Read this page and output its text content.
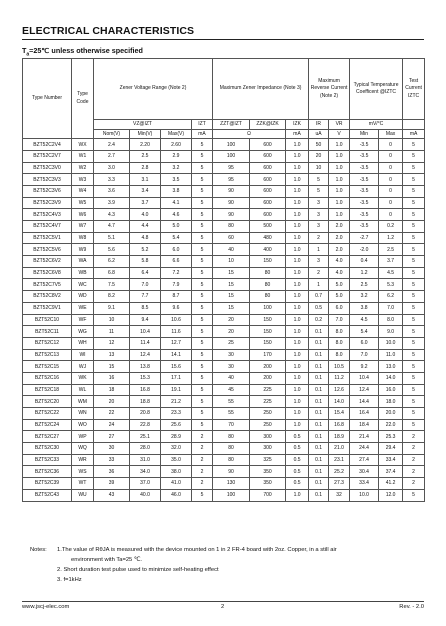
ELECTRICAL CHARACTERISTICS
$T_a=25℃$ unless otherwise specified
Type Number	Type Code	Zener Voltage Range (Note 2)				Maximum Zener Impedance (Note 3)			Maximum Reverse Current (Note 2)		Typical Temperature Coefficent @IZTC		Test Current IZTC
		VZ@IZT			IZT	ZZT@IZT	ZZK@IZK	IZK	IR	VR	mV/°C		
		Nom(V)	Min(V)	Max(V)	mA	Ω		mA	uA	V	Min	Max	mA
BZT52C2V4	WX	2.4	2.20	2.60	5	100	600	1.0	50	1.0	-3.5	0	5
BZT52C2V7	W1	2.7	2.5	2.9	5	100	600	1.0	20	1.0	-3.5	0	5
BZT52C3V0	W2	3.0	2.8	3.2	5	95	600	1.0	10	1.0	-3.5	0	5
BZT52C3V3	W3	3.3	3.1	3.5	5	95	600	1.0	5	1.0	-3.5	0	5
BZT52C3V6	W4	3.6	3.4	3.8	5	90	600	1.0	5	1.0	-3.5	0	5
BZT52C3V9	W5	3.9	3.7	4.1	5	90	600	1.0	3	1.0	-3.5	0	5
BZT52C4V3	W6	4.3	4.0	4.6	5	90	600	1.0	3	1.0	-3.5	0	5
BZT52C4V7	W7	4.7	4.4	5.0	5	80	500	1.0	3	2.0	-3.5	0.2	5
BZT52C5V1	W8	5.1	4.8	5.4	5	60	480	1.0	2	2.0	-2.7	1.2	5
BZT52C5V6	W9	5.6	5.2	6.0	5	40	400	1.0	1	2.0	-2.0	2.5	5
BZT52C6V2	WA	6.2	5.8	6.6	5	10	150	1.0	3	4.0	0.4	3.7	5
BZT52C6V8	WB	6.8	6.4	7.2	5	15	80	1.0	2	4.0	1.2	4.5	5
BZT52C7V5	WC	7.5	7.0	7.9	5	15	80	1.0	1	5.0	2.5	5.3	5
BZT52C8V2	WD	8.2	7.7	8.7	5	15	80	1.0	0.7	5.0	3.2	6.2	5
BZT52C9V1	WE	9.1	8.5	9.6	5	15	100	1.0	0.5	6.0	3.8	7.0	5
BZT52C10	WF	10	9.4	10.6	5	20	150	1.0	0.2	7.0	4.5	8.0	5
BZT52C11	WG	11	10.4	11.6	5	20	150	1.0	0.1	8.0	5.4	9.0	5
BZT52C12	WH	12	11.4	12.7	5	25	150	1.0	0.1	8.0	6.0	10.0	5
BZT52C13	WI	13	12.4	14.1	5	30	170	1.0	0.1	8.0	7.0	11.0	5
BZT52C15	WJ	15	13.8	15.6	5	30	200	1.0	0.1	10.5	9.2	13.0	5
BZT52C16	WK	16	15.3	17.1	5	40	200	1.0	0.1	11.2	10.4	14.0	5
BZT52C18	WL	18	16.8	19.1	5	45	225	1.0	0.1	12.6	12.4	16.0	5
BZT52C20	WM	20	18.8	21.2	5	55	225	1.0	0.1	14.0	14.4	18.0	5
BZT52C22	WN	22	20.8	23.3	5	55	250	1.0	0.1	15.4	16.4	20.0	5
BZT52C24	WO	24	22.8	25.6	5	70	250	1.0	0.1	16.8	18.4	22.0	5
BZT52C27	WP	27	25.1	28.9	2	80	300	0.5	0.1	18.9	21.4	25.3	2
BZT52C30	WQ	30	28.0	32.0	2	80	300	0.5	0.1	21.0	24.4	29.4	2
BZT52C33	WR	33	31.0	35.0	2	80	325	0.5	0.1	23.1	27.4	33.4	2
BZT52C36	WS	36	34.0	38.0	2	90	350	0.5	0.1	25.2	30.4	37.4	2
BZT52C39	WT	39	37.0	41.0	2	130	350	0.5	0.1	27.3	33.4	41.2	2
BZT52C43	WU	43	40.0	46.0	5	100	700	1.0	0.1	32	10.0	12.0	5
Notes: 1.The value of RθJA is measured with the device mounted on 1 in 2 FR-4 board with 2oz. Copper, in a still air
environment with Ta=25 ℃.
2. Short duration test pulse used to minimize self-heating effect
3. f=1kHz
www.jscj-elec.com	2	Rev. - 2.0
